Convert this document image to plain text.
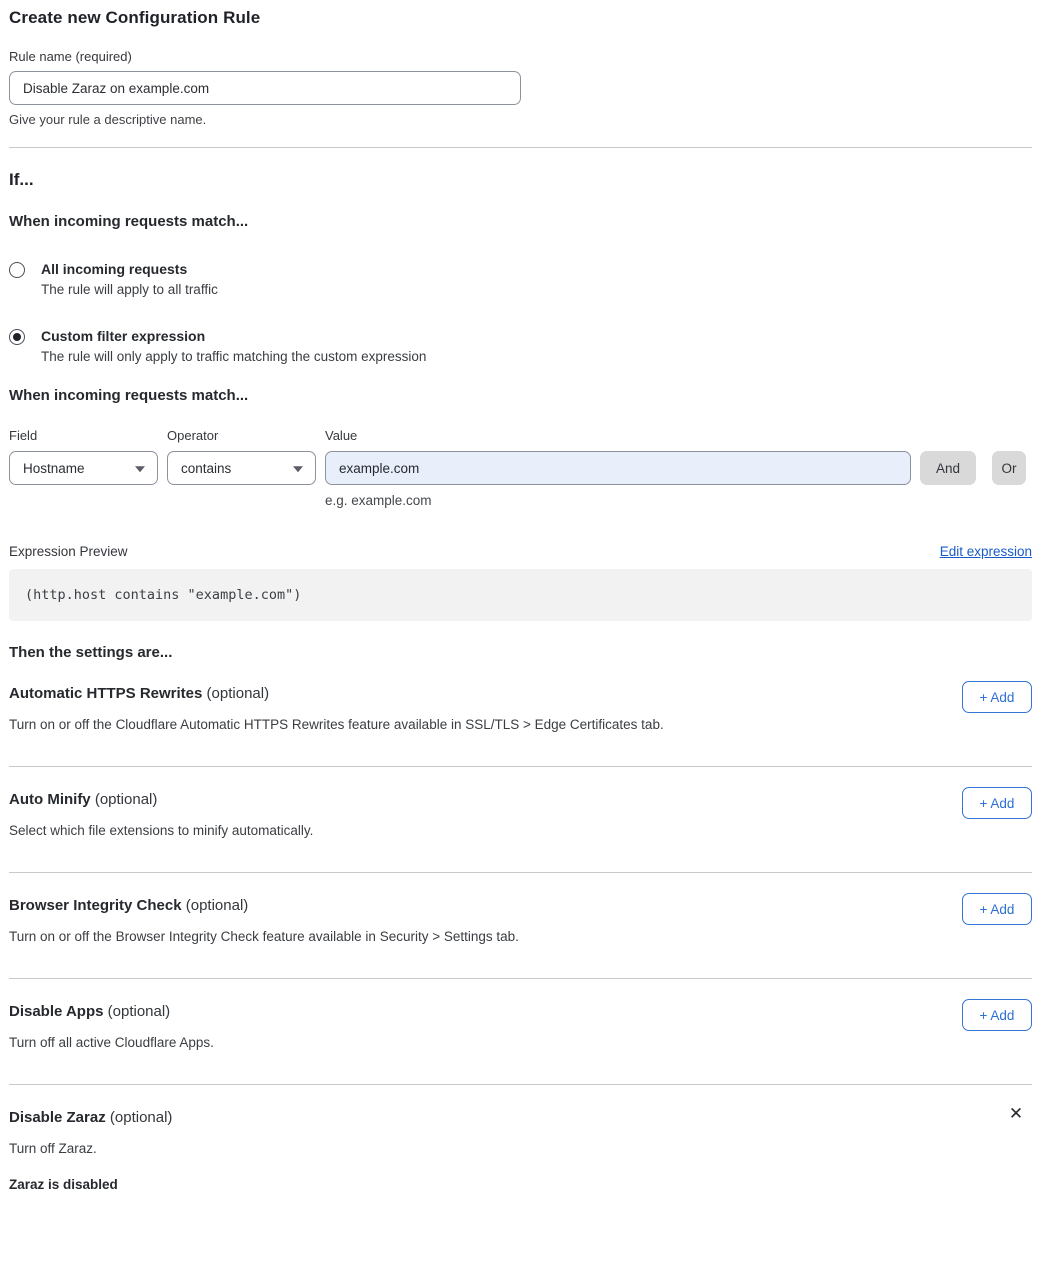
Create new Configuration Rule
Rule name (required)
Disable Zaraz on example.com
Give your rule a descriptive name.
If...
When incoming requests match...
All incoming requests
The rule will apply to all traffic
Custom filter expression
The rule will only apply to traffic matching the custom expression
When incoming requests match...
Field
Hostname
Operator
contains
Value
example.com
And	Or
e.g. example.com
Expression Preview	Edit expression
(http.host contains "example.com")
Then the settings are...
Automatic HTTPS Rewrites (optional)
Turn on or off the Cloudflare Automatic HTTPS Rewrites feature available in SSL/TLS > Edge Certificates tab.
+ Add
Auto Minify (optional)
Select which file extensions to minify automatically.
+ Add
Browser Integrity Check (optional)
Turn on or off the Browser Integrity Check feature available in Security > Settings tab.
+ Add
Disable Apps (optional)
Turn off all active Cloudflare Apps.
+ Add
Disable Zaraz (optional)
Turn off Zaraz.
Zaraz is disabled
✕
